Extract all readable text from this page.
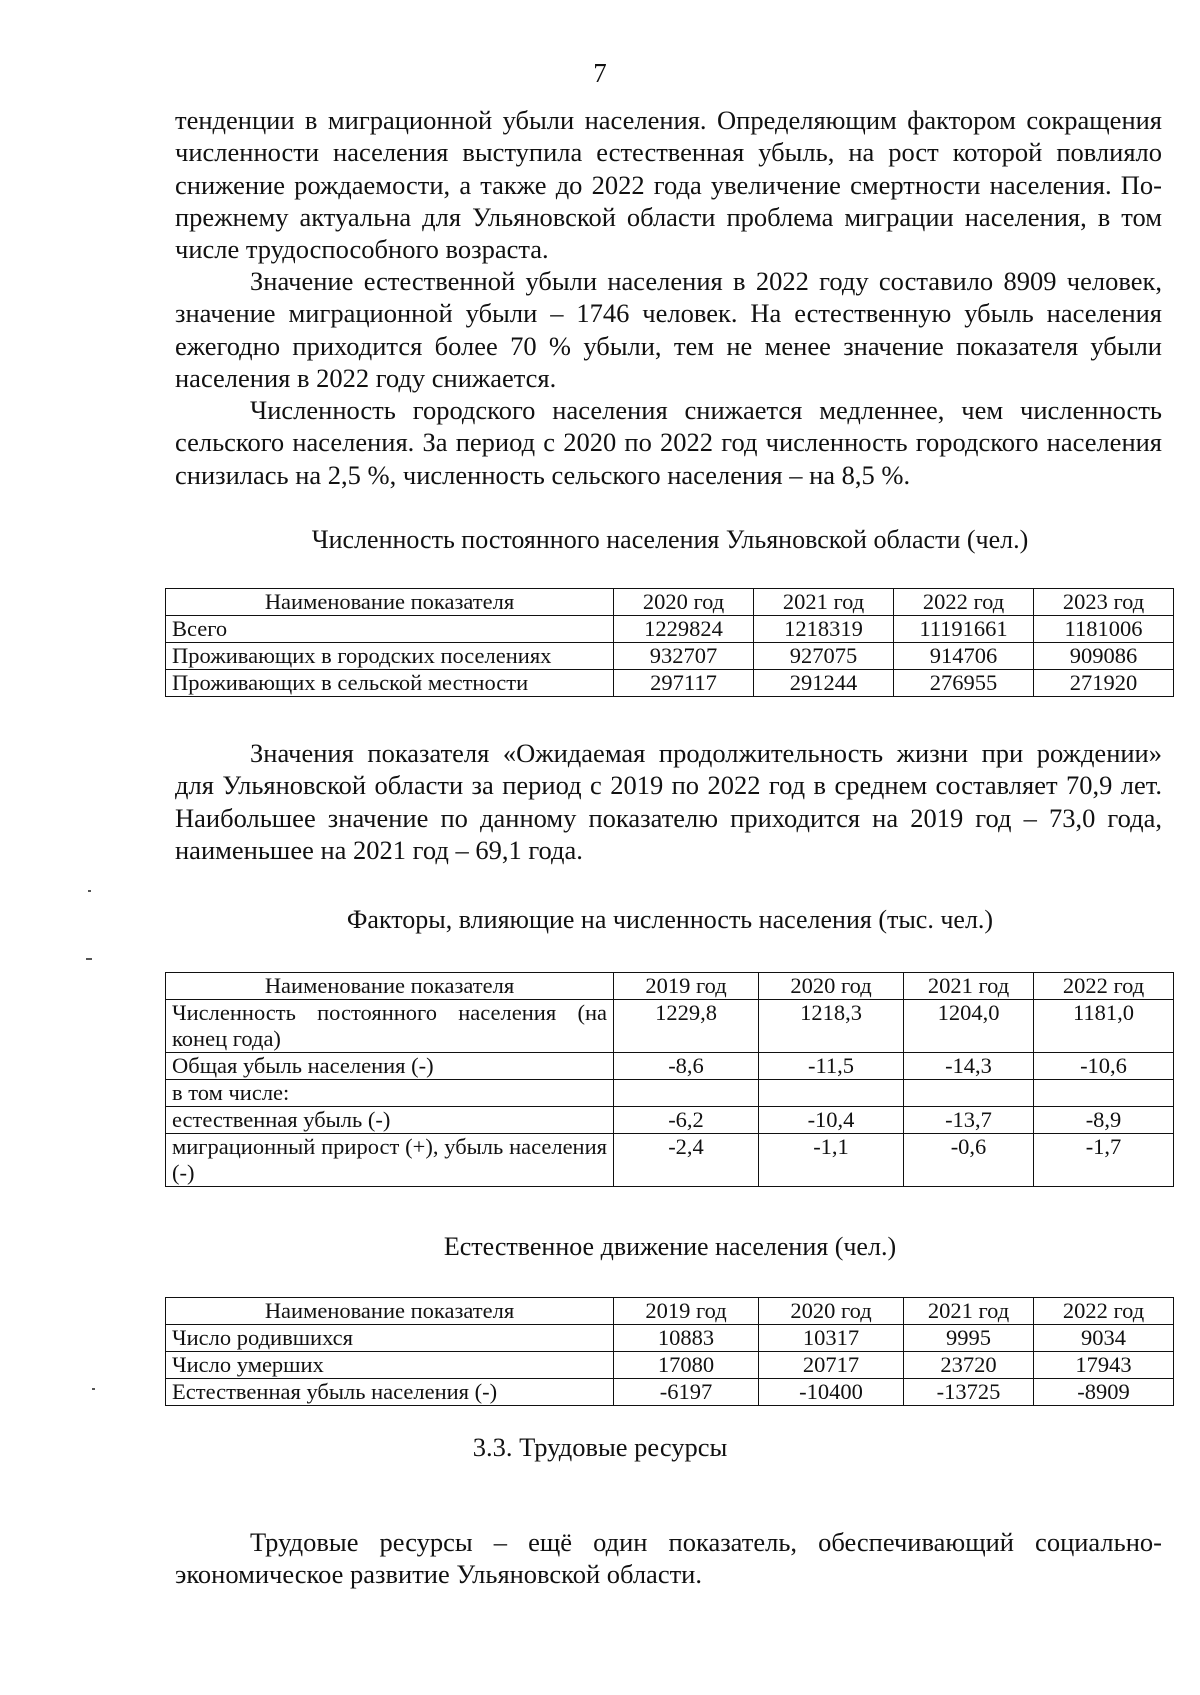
7

тенденции в миграционной убыли населения. Определяющим фактором сокращения численности населения выступила естественная убыль, на рост которой повлияло снижение рождаемости, а также до 2022 года увеличение смертности населения. По-прежнему актуальна для Ульяновской области проблема миграции населения, в том числе трудоспособного возраста.

Значение естественной убыли населения в 2022 году составило 8909 человек, значение миграционной убыли – 1746 человек. На естественную убыль населения ежегодно приходится более 70 % убыли, тем не менее значение показателя убыли населения в 2022 году снижается.

Численность городского населения снижается медленнее, чем численность сельского населения. За период с 2020 по 2022 год численность городского населения снизилась на 2,5 %, численность сельского населения – на 8,5 %.

Численность постоянного населения Ульяновской области (чел.)

Наименование показателя	2020 год	2021 год	2022 год	2023 год
Всего	1229824	1218319	11191661	1181006
Проживающих в городских поселениях	932707	927075	914706	909086
Проживающих в сельской местности	297117	291244	276955	271920

Значения показателя «Ожидаемая продолжительность жизни при рождении» для Ульяновской области за период с 2019 по 2022 год в среднем составляет 70,9 лет. Наибольшее значение по данному показателю приходится на 2019 год – 73,0 года, наименьшее на 2021 год – 69,1 года.

Факторы, влияющие на численность населения (тыс. чел.)

Наименование показателя	2019 год	2020 год	2021 год	2022 год
Численность постоянного населения (на конец года)	1229,8	1218,3	1204,0	1181,0
Общая убыль населения (-)	-8,6	-11,5	-14,3	-10,6
в том числе:				
естественная убыль (-)	-6,2	-10,4	-13,7	-8,9
миграционный прирост (+), убыль населения (-)	-2,4	-1,1	-0,6	-1,7

Естественное движение населения (чел.)

Наименование показателя	2019 год	2020 год	2021 год	2022 год
Число родившихся	10883	10317	9995	9034
Число умерших	17080	20717	23720	17943
Естественная убыль населения (-)	-6197	-10400	-13725	-8909
3.3. Трудовые ресурсы

Трудовые ресурсы – ещё один показатель, обеспечивающий социально-экономическое развитие Ульяновской области.
